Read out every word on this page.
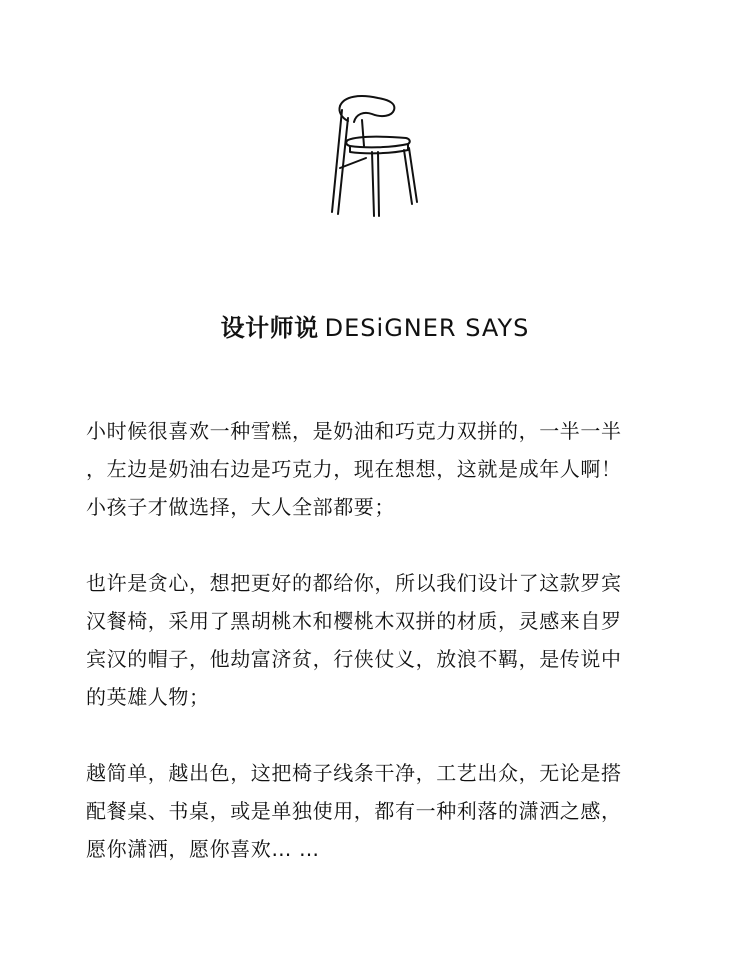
设计师说 DESiGNER SAYS

小时候很喜欢一种雪糕，是奶油和巧克力双拼的，一半一半
，左边是奶油右边是巧克力，现在想想，这就是成年人啊！
小孩子才做选择，大人全部都要；

也许是贪心，想把更好的都给你，所以我们设计了这款罗宾
汉餐椅，采用了黑胡桃木和樱桃木双拼的材质，灵感来自罗
宾汉的帽子，他劫富济贫，行侠仗义，放浪不羁，是传说中
的英雄人物；

越简单，越出色，这把椅子线条干净，工艺出众，无论是搭
配餐桌、书桌，或是单独使用，都有一种利落的潇洒之感，
愿你潇洒，愿你喜欢… …
